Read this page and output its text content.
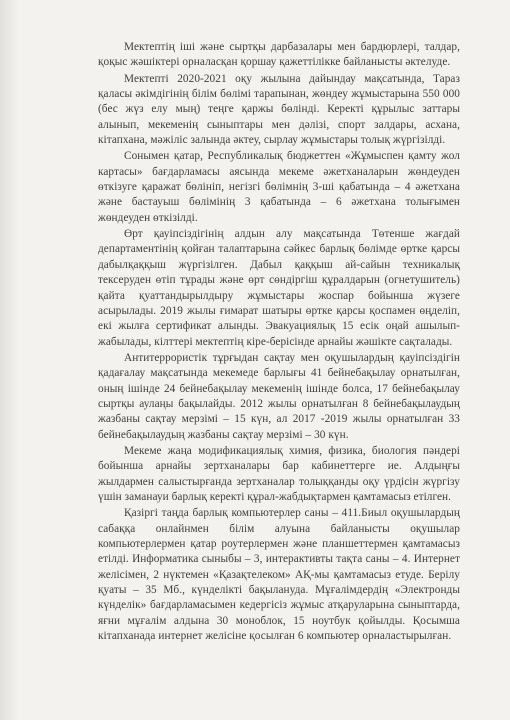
Мектептің іші және сыртқы дарбазалары мен бардюрлері, талдар, қоқыс жәшіктері орналасқан қоршау қажеттілікке байланысты әктелуде.

Мектепті 2020-2021 оқу жылына дайындау мақсатында, Тараз қаласы әкімдігінің білім бөлімі тарапынан, жөндеу жұмыстарына 550 000 (бес жүз елу мың) теңге қаржы бөлінді. Керекті құрылыс заттары алынып, мекеменің сыныптары мен дәлізі, спорт залдары, асхана, кітапхана, мәжіліс залында әктеу, сырлау жұмыстары толық жүргізілді.

Сонымен қатар, Республикалық бюджеттен «Жұмыспен қамту жол картасы» бағдарламасы аясында мекеме әжетханаларын жөндеуден өткізуге қаражат бөлініп, негізгі бөлімнің 3-ші қабатында – 4 әжетхана және бастауыш бөлімінің 3 қабатында – 6 әжетхана толығымен жөндеуден өткізілді.

Өрт қауіпсіздігінің алдын алу мақсатында Төтенше жағдай департаментінің қойған талаптарына сәйкес барлық бөлімде өртке қарсы дабылқаққыш жүргізілген. Дабыл қаққыш ай-сайын техникалық тексеруден өтіп тұрады және өрт сөндіргіш құралдарын (огнетушитель) қайта қуаттандырылдыру жұмыстары жоспар бойынша жүзеге асырылады. 2019 жылы ғимарат шатыры өртке қарсы қоспамен өңделіп, екі жылға сертификат алынды. Эвакуациялық 15 есік оңай ашылып-жабылады, кілттері мектептің кіре-берісінде арнайы жәшікте сақталады.

Антитеррористік тұрғыдан сақтау мен оқушылардың қауіпсіздігін қадағалау мақсатында мекемеде барлығы 41 бейнебақылау орнатылған, оның ішінде 24 бейнебақылау мекеменің ішінде болса, 17 бейнебақылау сыртқы аулаңы бақылайды. 2012 жылы орнатылған 8 бейнебақылаудың жазбаны сақтау мерзімі – 15 күн, ал 2017 -2019 жылы орнатылған 33 бейнебақылаудың жазбаны сақтау мерзімі – 30 күн.

Мекеме жаңа модификациялық химия, физика, биология пәндері бойынша арнайы зертханалары бар кабинеттерге ие. Алдыңғы жылдармен салыстырғанда зертханалар толыққанды оқу үрдісін жүргізу үшін заманауи барлық керекті құрал-жабдықтармен қамтамасыз етілген.

Қазіргі таңда барлық компьютерлер саны – 411.Биыл оқушылардың сабаққа онлайнмен білім алуына байланысты оқушылар компьютерлермен қатар роутерлермен және планшеттермен қамтамасыз етілді. Информатика сыныбы – 3, интерактивты тақта саны – 4. Интернет желісімен, 2 нүктемен «Қазақтелеком» АҚ-мы қамтамасыз етуде. Берілу қуаты – 35 Мб., күнделікті бақылануда. Мұғалімдердің «Электронды күнделік» бағдарламасымен кедергісіз жұмыс атқаруларына сыныптарда, яғни мұғалім алдына 30 моноблок, 15 ноутбук қойылды. Қосымша кітапханада интернет желісіне қосылған 6 компьютер орналастырылған.
